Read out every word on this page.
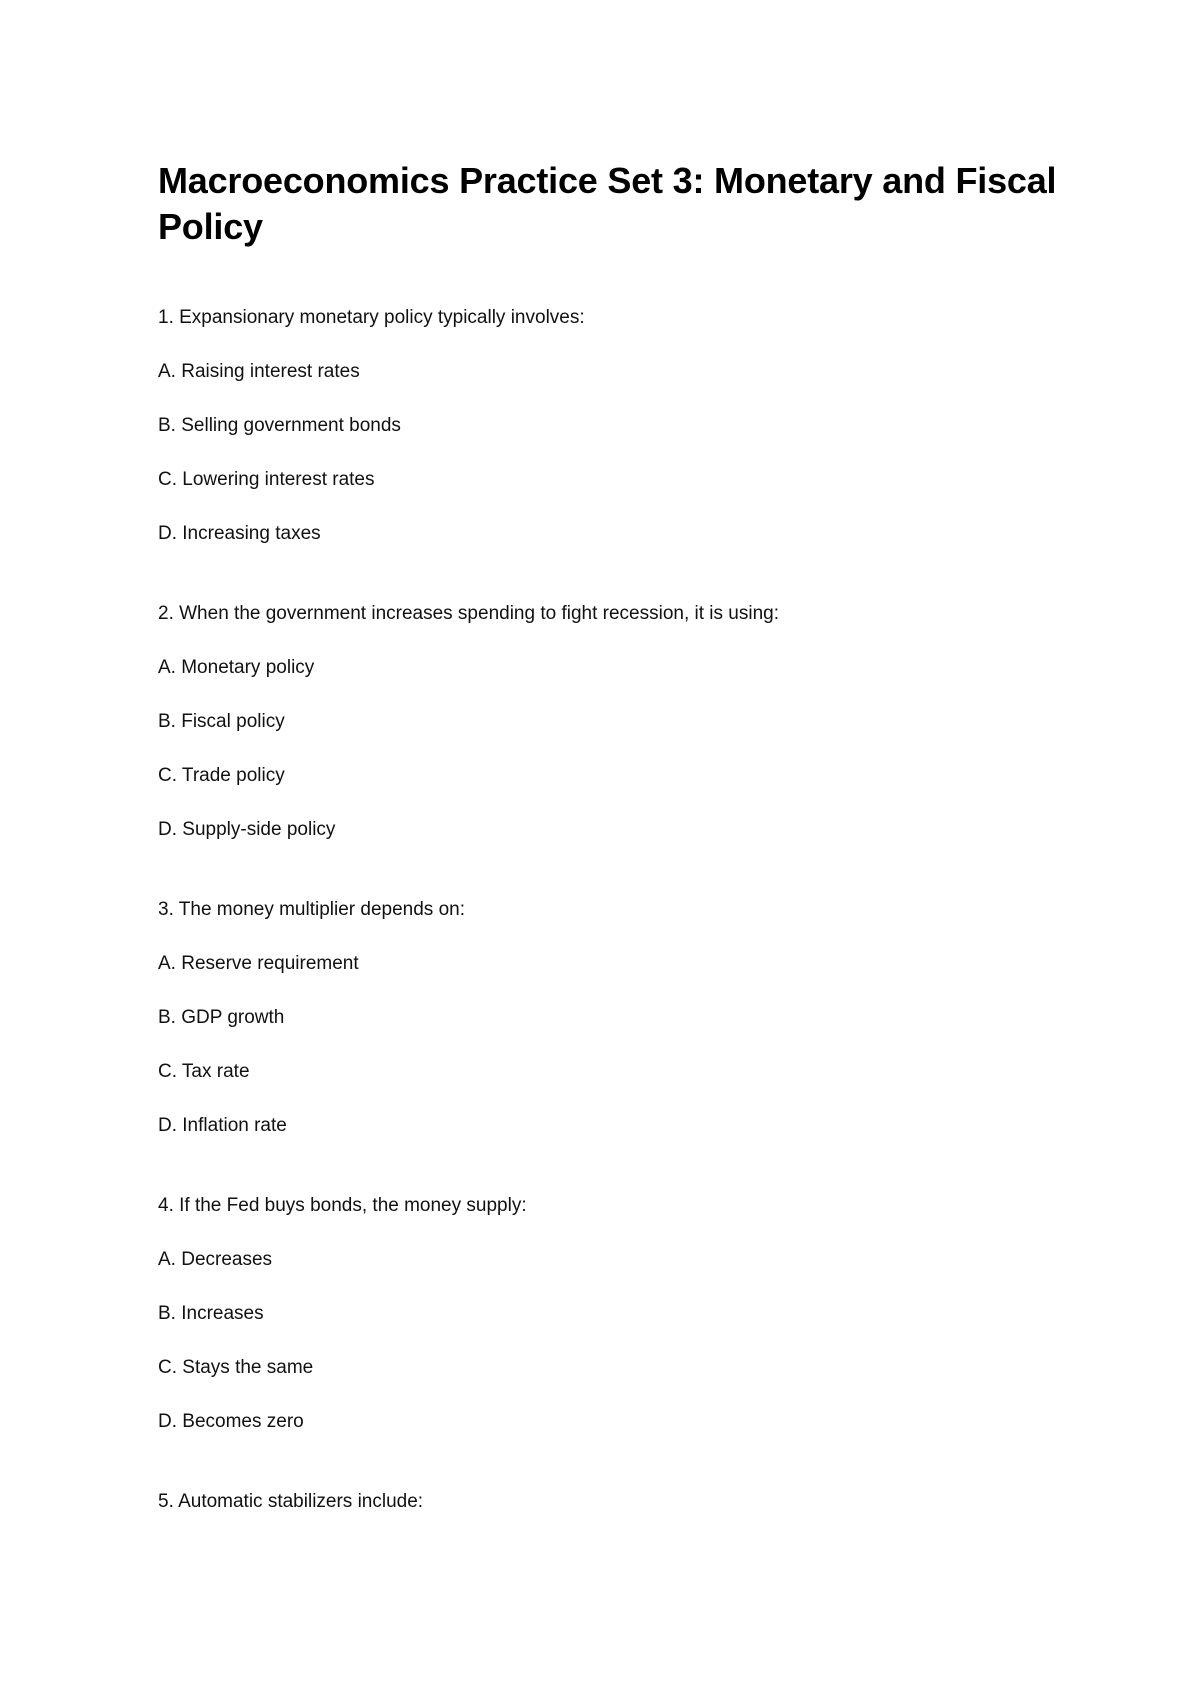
Macroeconomics Practice Set 3: Monetary and Fiscal Policy

1. Expansionary monetary policy typically involves:

A. Raising interest rates

B. Selling government bonds

C. Lowering interest rates

D. Increasing taxes

2. When the government increases spending to fight recession, it is using:

A. Monetary policy

B. Fiscal policy

C. Trade policy

D. Supply-side policy

3. The money multiplier depends on:

A. Reserve requirement

B. GDP growth

C. Tax rate

D. Inflation rate

4. If the Fed buys bonds, the money supply:

A. Decreases

B. Increases

C. Stays the same

D. Becomes zero

5. Automatic stabilizers include:
